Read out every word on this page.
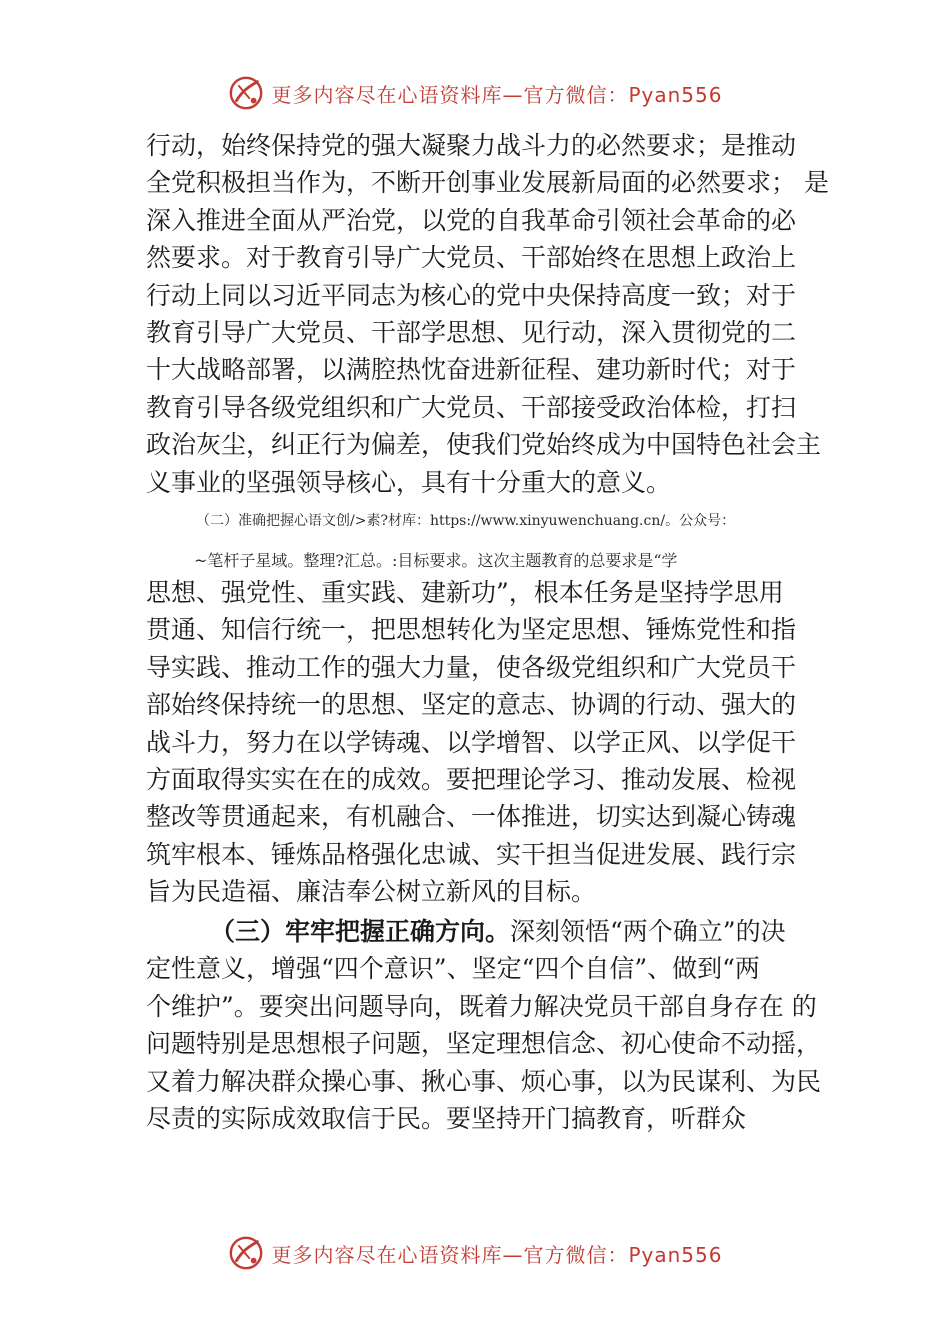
更多内容尽在心语资料库—官方微信：Pyan556
行动，始终保持党的强大凝聚力战斗力的必然要求；是推动
全党积极担当作为，不断开创事业发展新局面的必然要求； 是
深入推进全面从严治党，以党的自我革命引领社会革命的必
然要求。对于教育引导广大党员、干部始终在思想上政治上
行动上同以习近平同志为核心的党中央保持高度一致；对于
教育引导广大党员、干部学思想、见行动，深入贯彻党的二
十大战略部署，以满腔热忱奋进新征程、建功新时代；对于
教育引导各级党组织和广大党员、干部接受政治体检，打扫
政治灰尘，纠正行为偏差，使我们党始终成为中国特色社会主
义事业的坚强领导核心，具有十分重大的意义。
（二）准确把握心语文创/>素?材库：https://www.xinyuwenchuang.cn/。公众号：
~笔杆子星域。整理?汇总。:目标要求。这次主题教育的总要求是“学
思想、强党性、重实践、建新功”，根本任务是坚持学思用
贯通、知信行统一，把思想转化为坚定思想、锤炼党性和指
导实践、推动工作的强大力量，使各级党组织和广大党员干
部始终保持统一的思想、坚定的意志、协调的行动、强大的
战斗力，努力在以学铸魂、以学增智、以学正风、以学促干
方面取得实实在在的成效。要把理论学习、推动发展、检视
整改等贯通起来，有机融合、一体推进，切实达到凝心铸魂
筑牢根本、锤炼品格强化忠诚、实干担当促进发展、践行宗
旨为民造福、廉洁奉公树立新风的目标。
（三）牢牢把握正确方向。深刻领悟“两个确立”的决
定性意义，增强“四个意识”、坚定“四个自信”、做到“两
个维护”。要突出问题导向，既着力解决党员干部自身存在 的
问题特别是思想根子问题，坚定理想信念、初心使命不动摇，
又着力解决群众操心事、揪心事、烦心事，以为民谋利、为民
尽责的实际成效取信于民。要坚持开门搞教育，听群众
更多内容尽在心语资料库—官方微信：Pyan556
